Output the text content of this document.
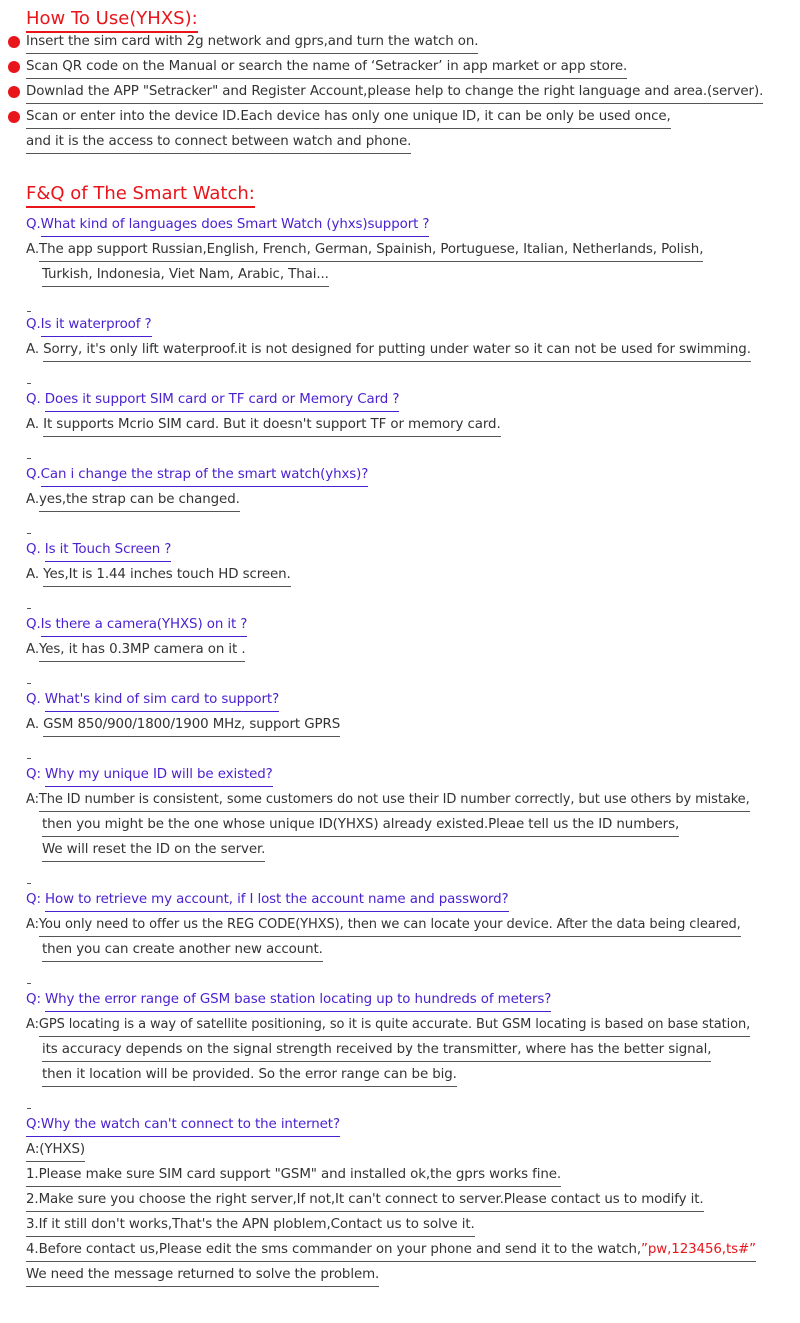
How To Use(YHXS):
Insert the sim card with 2g network and gprs,and turn the watch on.
Scan QR code on the Manual or search the name of ‘Setracker’ in app market or app store.
Downlad the APP "Setracker" and Register Account,please help to change the right language and area.(server).
Scan or enter into the device ID.Each device has only one unique ID, it can be only be used once,
and it is the access to connect between watch and phone.
F&Q of The Smart Watch:
Q.What kind of languages does Smart Watch (yhxs)support ?
A.The app support Russian,English, French, German, Spainish, Portuguese, Italian, Netherlands, Polish,
Turkish, Indonesia, Viet Nam, Arabic, Thai...
Q.Is it waterproof ?
A. Sorry, it's only lift waterproof.it is not designed for putting under water so it can not be used for swimming.
Q. Does it support SIM card or TF card or Memory Card ?
A. It supports Mcrio SIM card. But it doesn't support TF or memory card.
Q.Can i change the strap of the smart watch(yhxs)?
A.yes,the strap can be changed.
Q. Is it Touch Screen ?
A. Yes,It is 1.44 inches touch HD screen.
Q.Is there a camera(YHXS) on it ?
A.Yes, it has 0.3MP camera on it .
Q. What's kind of sim card to support?
A. GSM 850/900/1800/1900 MHz, support GPRS
Q: Why my unique ID will be existed?
A:The ID number is consistent, some customers do not use their ID number correctly, but use others by mistake,
then you might be the one whose unique ID(YHXS) already existed.Pleae tell us the ID numbers,
We will reset the ID on the server.
Q: How to retrieve my account, if I lost the account name and password?
A:You only need to offer us the REG CODE(YHXS), then we can locate your device. After the data being cleared,
then you can create another new account.
Q: Why the error range of GSM base station locating up to hundreds of meters?
A:GPS locating is a way of satellite positioning, so it is quite accurate. But GSM locating is based on base station,
its accuracy depends on the signal strength received by the transmitter, where has the better signal,
then it location will be provided. So the error range can be big.
Q:Why the watch can't connect to the internet?
A:(YHXS)
1.Please make sure SIM card support "GSM" and installed ok,the gprs works fine.
2.Make sure you choose the right server,If not,It can't connect to server.Please contact us to modify it.
3.If it still don't works,That's the APN ploblem,Contact us to solve it.
4.Before contact us,Please edit the sms commander on your phone and send it to the watch,”pw,123456,ts#”
We need the message returned to solve the problem.
